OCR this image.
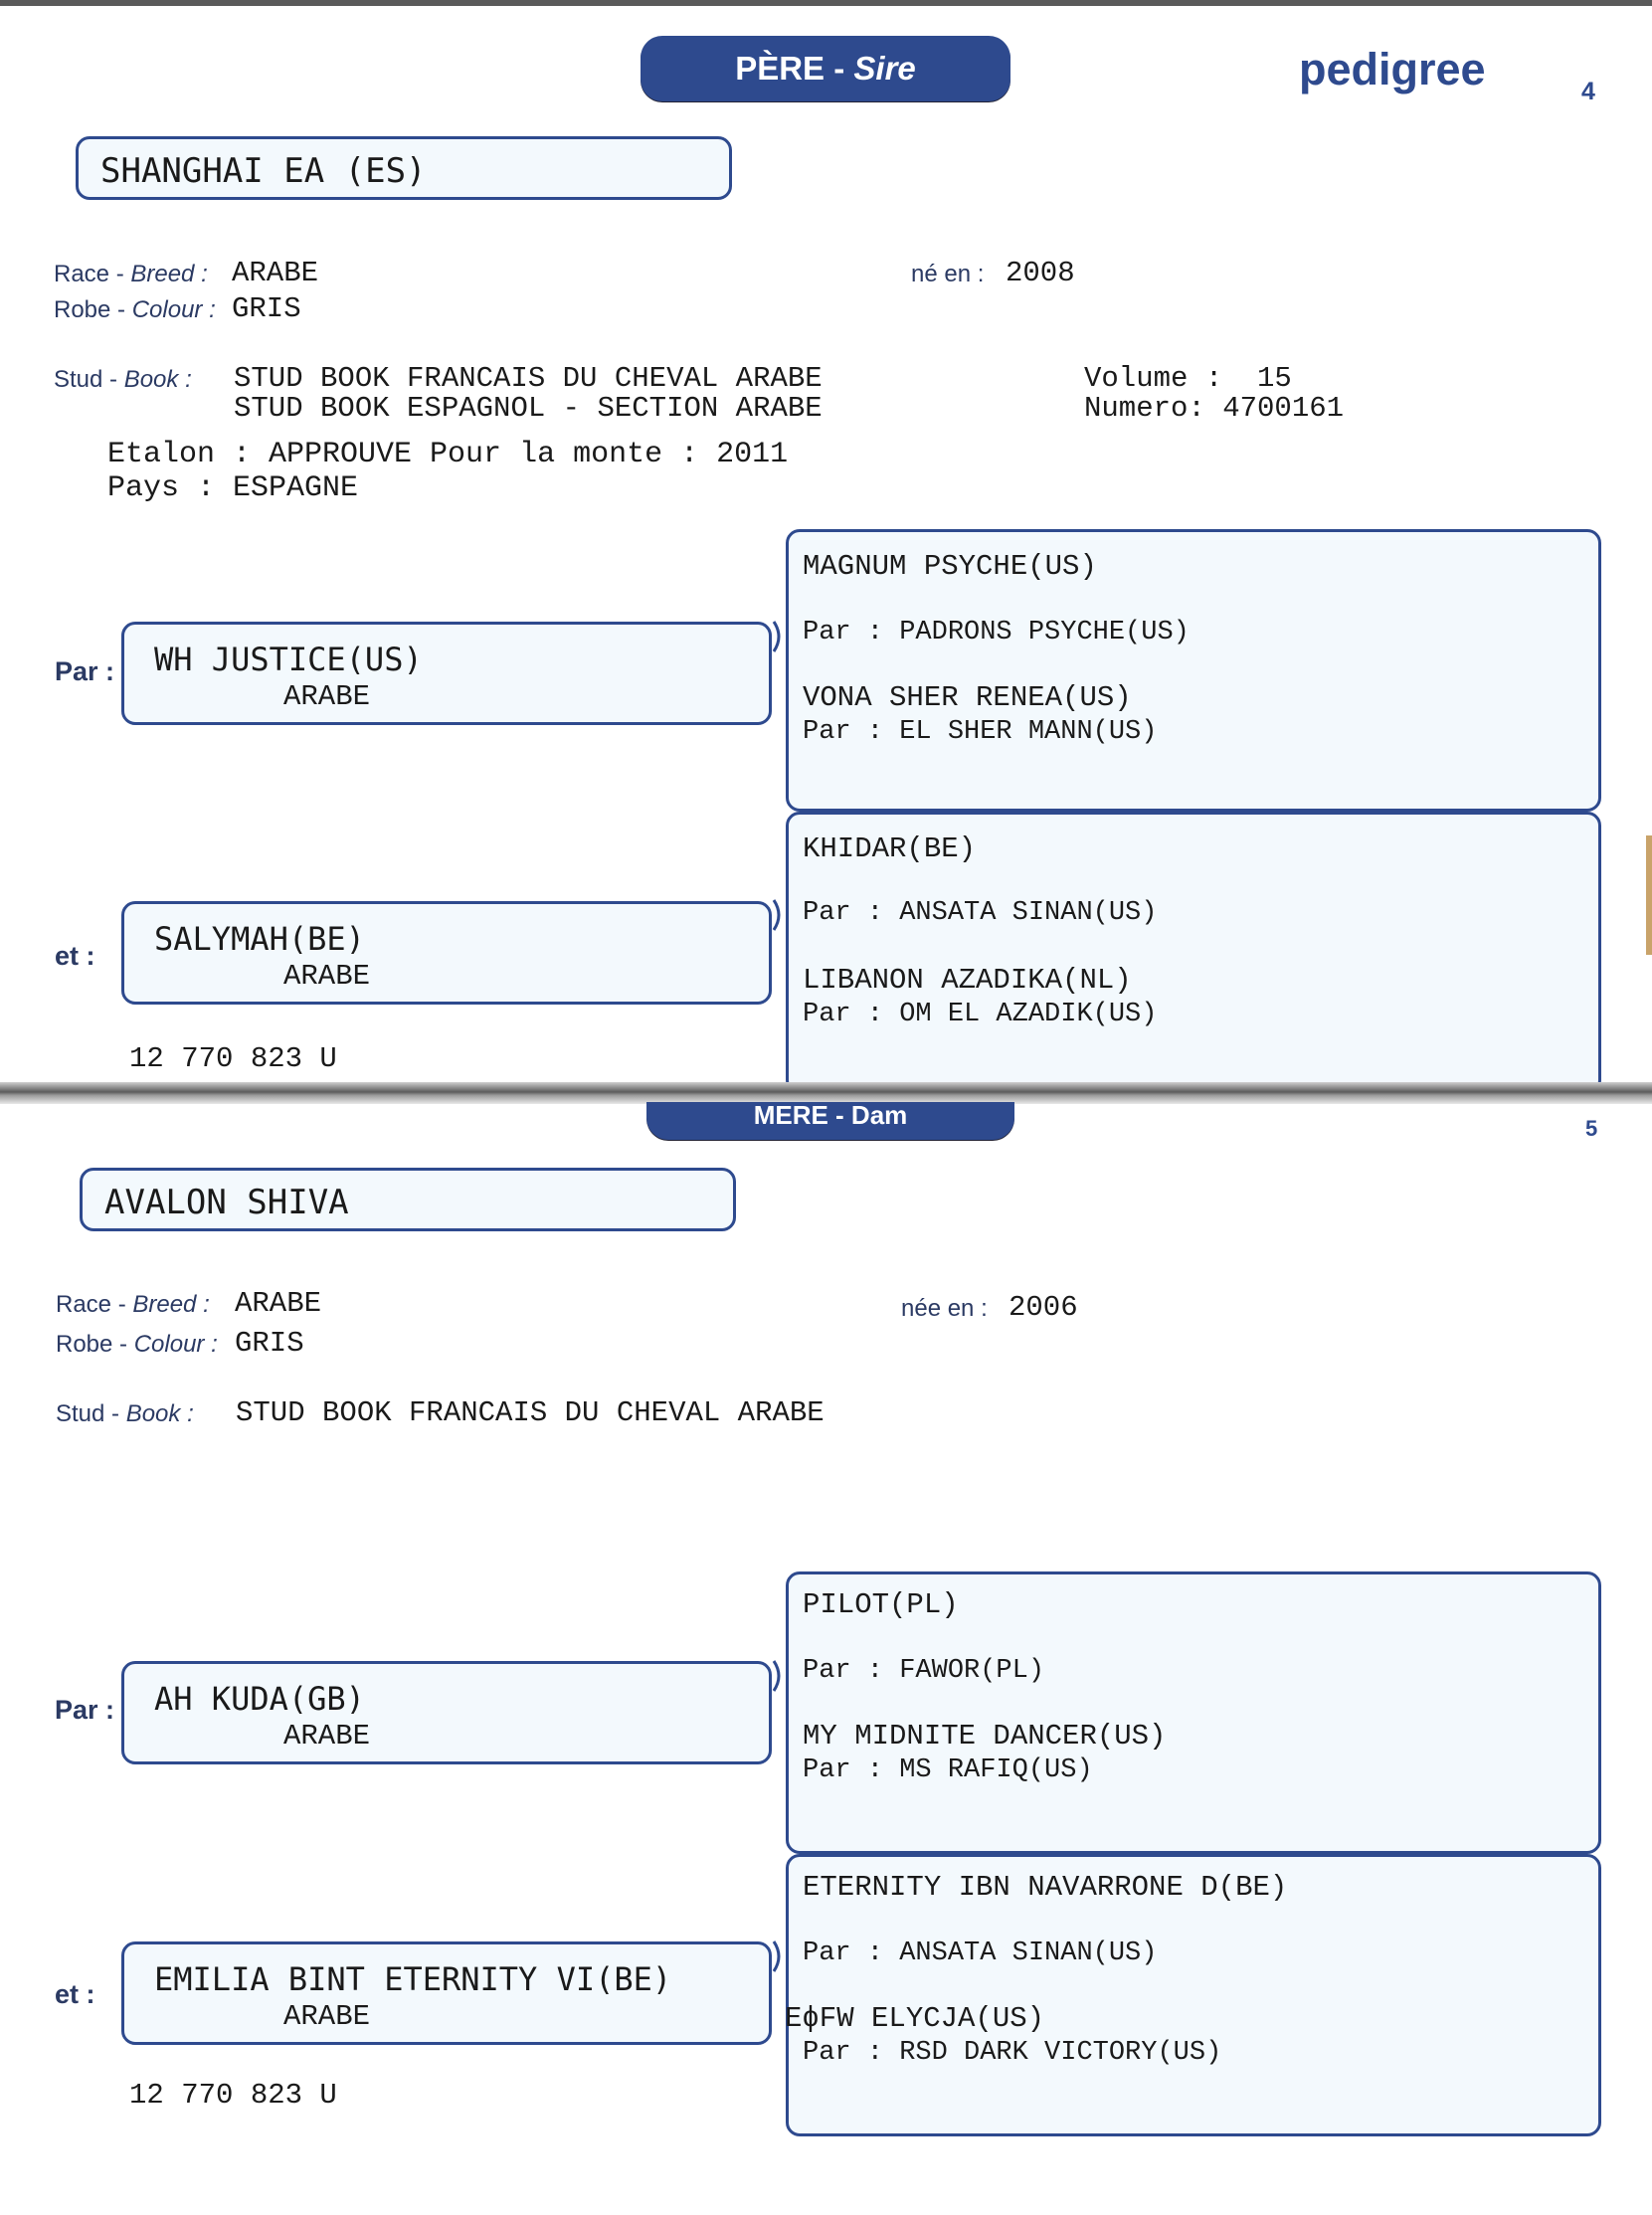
PÈRE - Sire	pedigree	4
SHANGHAI EA (ES)
Race - Breed : ARABE
Robe - Colour : GRIS
né en : 2008
Stud - Book : STUD BOOK FRANCAIS DU CHEVAL ARABE
STUD BOOK ESPAGNOL - SECTION ARABE
Volume :  15
Numero: 4700161
Etalon : APPROUVE Pour la monte : 2011
Pays : ESPAGNE
Par : WH JUSTICE(US)
ARABE
et : SALYMAH(BE)
ARABE
12 770 823 U
MAGNUM PSYCHE(US)
Par : PADRONS PSYCHE(US)
VONA SHER RENEA(US)
Par : EL SHER MANN(US)
KHIDAR(BE)
Par : ANSATA SINAN(US)
LIBANON AZADIKA(NL)
Par : OM EL AZADIK(US)
MERE - Dam	5
AVALON SHIVA
Race - Breed : ARABE
Robe - Colour : GRIS
née en : 2006
Stud - Book : STUD BOOK FRANCAIS DU CHEVAL ARABE
Par : AH KUDA(GB)
ARABE
et : EMILIA BINT ETERNITY VI(BE)
ARABE
12 770 823 U
PILOT(PL)
Par : FAWOR(PL)
MY MIDNITE DANCER(US)
Par : MS RAFIQ(US)
ETERNITY IBN NAVARRONE D(BE)
Par : ANSATA SINAN(US)
EϕFW ELYCJA(US)
Par : RSD DARK VICTORY(US)
